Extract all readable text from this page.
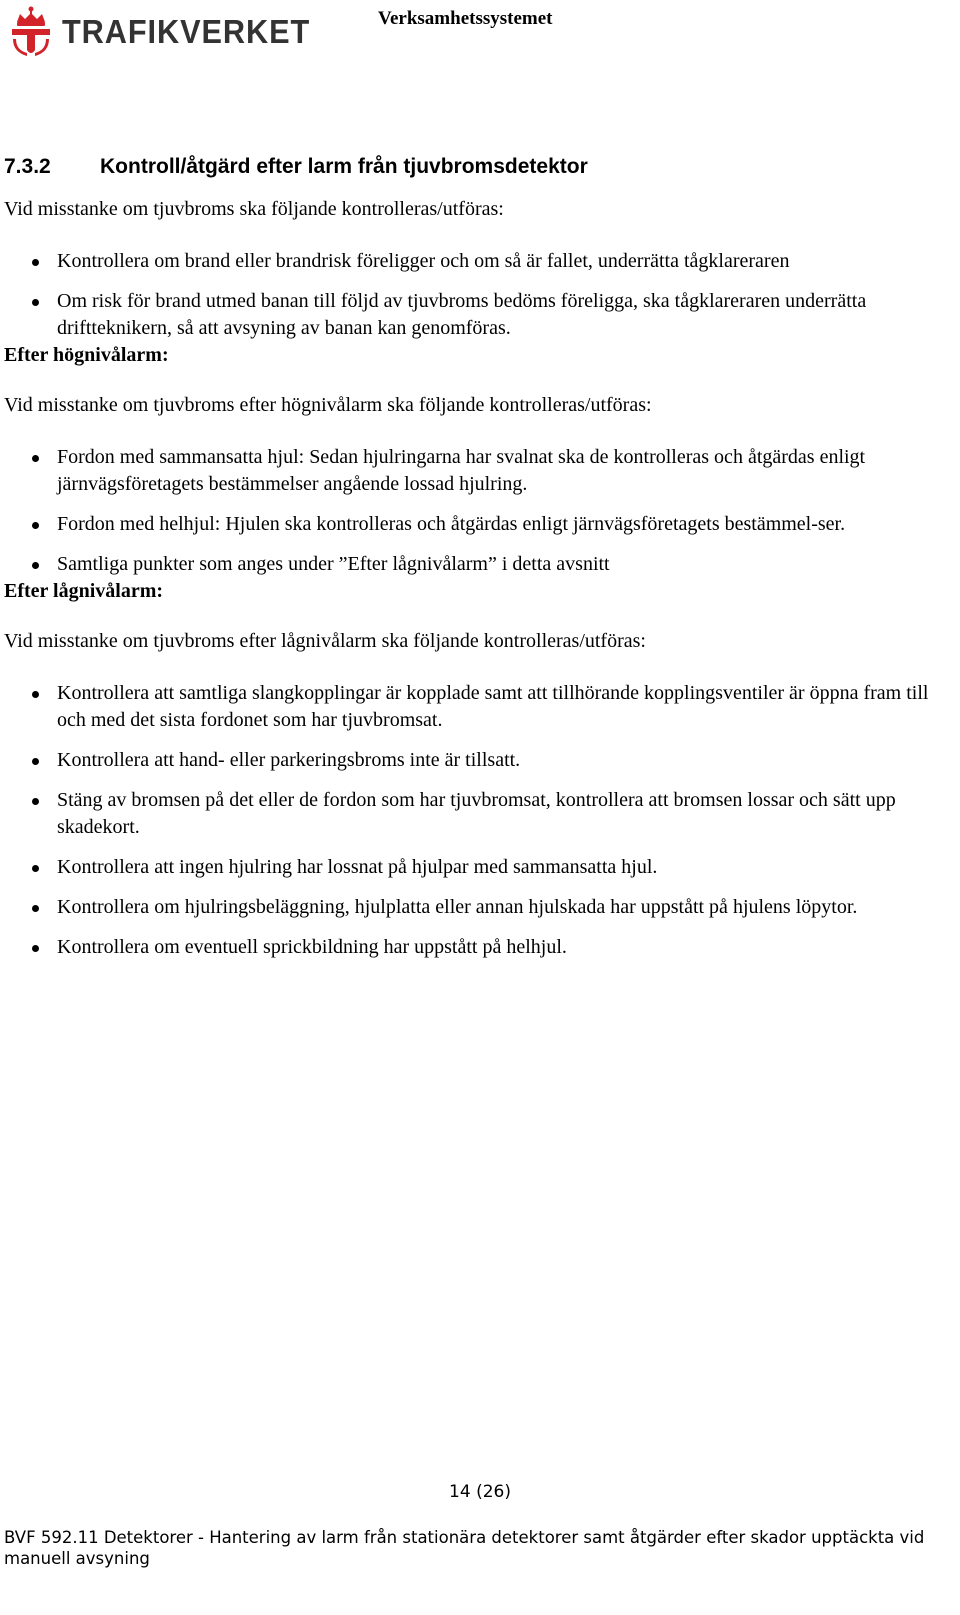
TRAFIKVERKET	Verksamhetssystemet
7.3.2	Kontroll/åtgärd efter larm från tjuvbromsdetektor

Vid misstanke om tjuvbroms ska följande kontrolleras/utföras:

Kontrollera om brand eller brandrisk föreligger och om så är fallet, underrätta tågklareraren
Om risk för brand utmed banan till följd av tjuvbroms bedöms föreligga, ska tågklareraren underrätta driftteknikern, så att avsyning av banan kan genomföras.
Efter högnivålarm:

Vid misstanke om tjuvbroms efter högnivålarm ska följande kontrolleras/utföras:

Fordon med sammansatta hjul: Sedan hjulringarna har svalnat ska de kontrolleras och åtgärdas enligt järnvägsföretagets bestämmelser angående lossad hjulring.
Fordon med helhjul: Hjulen ska kontrolleras och åtgärdas enligt järnvägsföretagets bestämmel-ser.
Samtliga punkter som anges under ”Efter lågnivålarm” i detta avsnitt
Efter lågnivålarm:

Vid misstanke om tjuvbroms efter lågnivålarm ska följande kontrolleras/utföras:

Kontrollera att samtliga slangkopplingar är kopplade samt att tillhörande kopplingsventiler är öppna fram till och med det sista fordonet som har tjuvbromsat.
Kontrollera att hand- eller parkeringsbroms inte är tillsatt.
Stäng av bromsen på det eller de fordon som har tjuvbromsat, kontrollera att bromsen lossar och sätt upp skadekort.
Kontrollera att ingen hjulring har lossnat på hjulpar med sammansatta hjul.
Kontrollera om hjulringsbeläggning, hjulplatta eller annan hjulskada har uppstått på hjulens löpytor.
Kontrollera om eventuell sprickbildning har uppstått på helhjul.
14 (26)
BVF 592.11 Detektorer - Hantering av larm från stationära detektorer samt åtgärder efter skador upptäckta vid manuell avsyning
